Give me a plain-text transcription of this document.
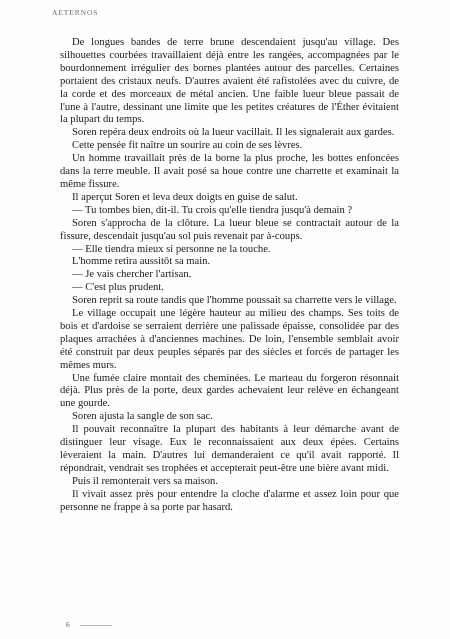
AETERNOS

De longues bandes de terre brune descendaient jusqu'au village. Des silhouettes courbées travaillaient déjà entre les rangées, accompagnées par le bourdonnement irrégulier des bornes plantées autour des parcelles. Certaines portaient des cristaux neufs. D'autres avaient été rafistolées avec du cuivre, de la corde et des morceaux de métal ancien. Une faible lueur bleue passait de l'une à l'autre, dessinant une limite que les petites créatures de l'Éther évitaient la plupart du temps.

Soren repéra deux endroits où la lueur vacillait. Il les signalerait aux gardes.

Cette pensée fit naître un sourire au coin de ses lèvres.

Un homme travaillait près de la borne la plus proche, les bottes enfoncées dans la terre meuble. Il avait posé sa houe contre une charrette et examinait la même fissure.

Il aperçut Soren et leva deux doigts en guise de salut.

— Tu tombes bien, dit-il. Tu crois qu'elle tiendra jusqu'à demain ?

Soren s'approcha de la clôture. La lueur bleue se contractait autour de la fissure, descendait jusqu'au sol puis revenait par à-coups.

— Elle tiendra mieux si personne ne la touche.

L'homme retira aussitôt sa main.

— Je vais chercher l'artisan.

— C'est plus prudent.

Soren reprit sa route tandis que l'homme poussait sa charrette vers le village.

Le village occupait une légère hauteur au milieu des champs. Ses toits de bois et d'ardoise se serraient derrière une palissade épaisse, consolidée par des plaques arrachées à d'anciennes machines. De loin, l'ensemble semblait avoir été construit par deux peuples séparés par des siècles et forcés de partager les mêmes murs.

Une fumée claire montait des cheminées. Le marteau du forgeron résonnait déjà. Plus près de la porte, deux gardes achevaient leur relève en échangeant une gourde.

Soren ajusta la sangle de son sac.

Il pouvait reconnaître la plupart des habitants à leur démarche avant de distinguer leur visage. Eux le reconnaissaient aux deux épées. Certains lèveraient la main. D'autres lui demanderaient ce qu'il avait rapporté. Il répondrait, vendrait ses trophées et accepterait peut-être une bière avant midi.

Puis il remonterait vers sa maison.

Il vivait assez près pour entendre la cloche d'alarme et assez loin pour que personne ne frappe à sa porte par hasard.

6
